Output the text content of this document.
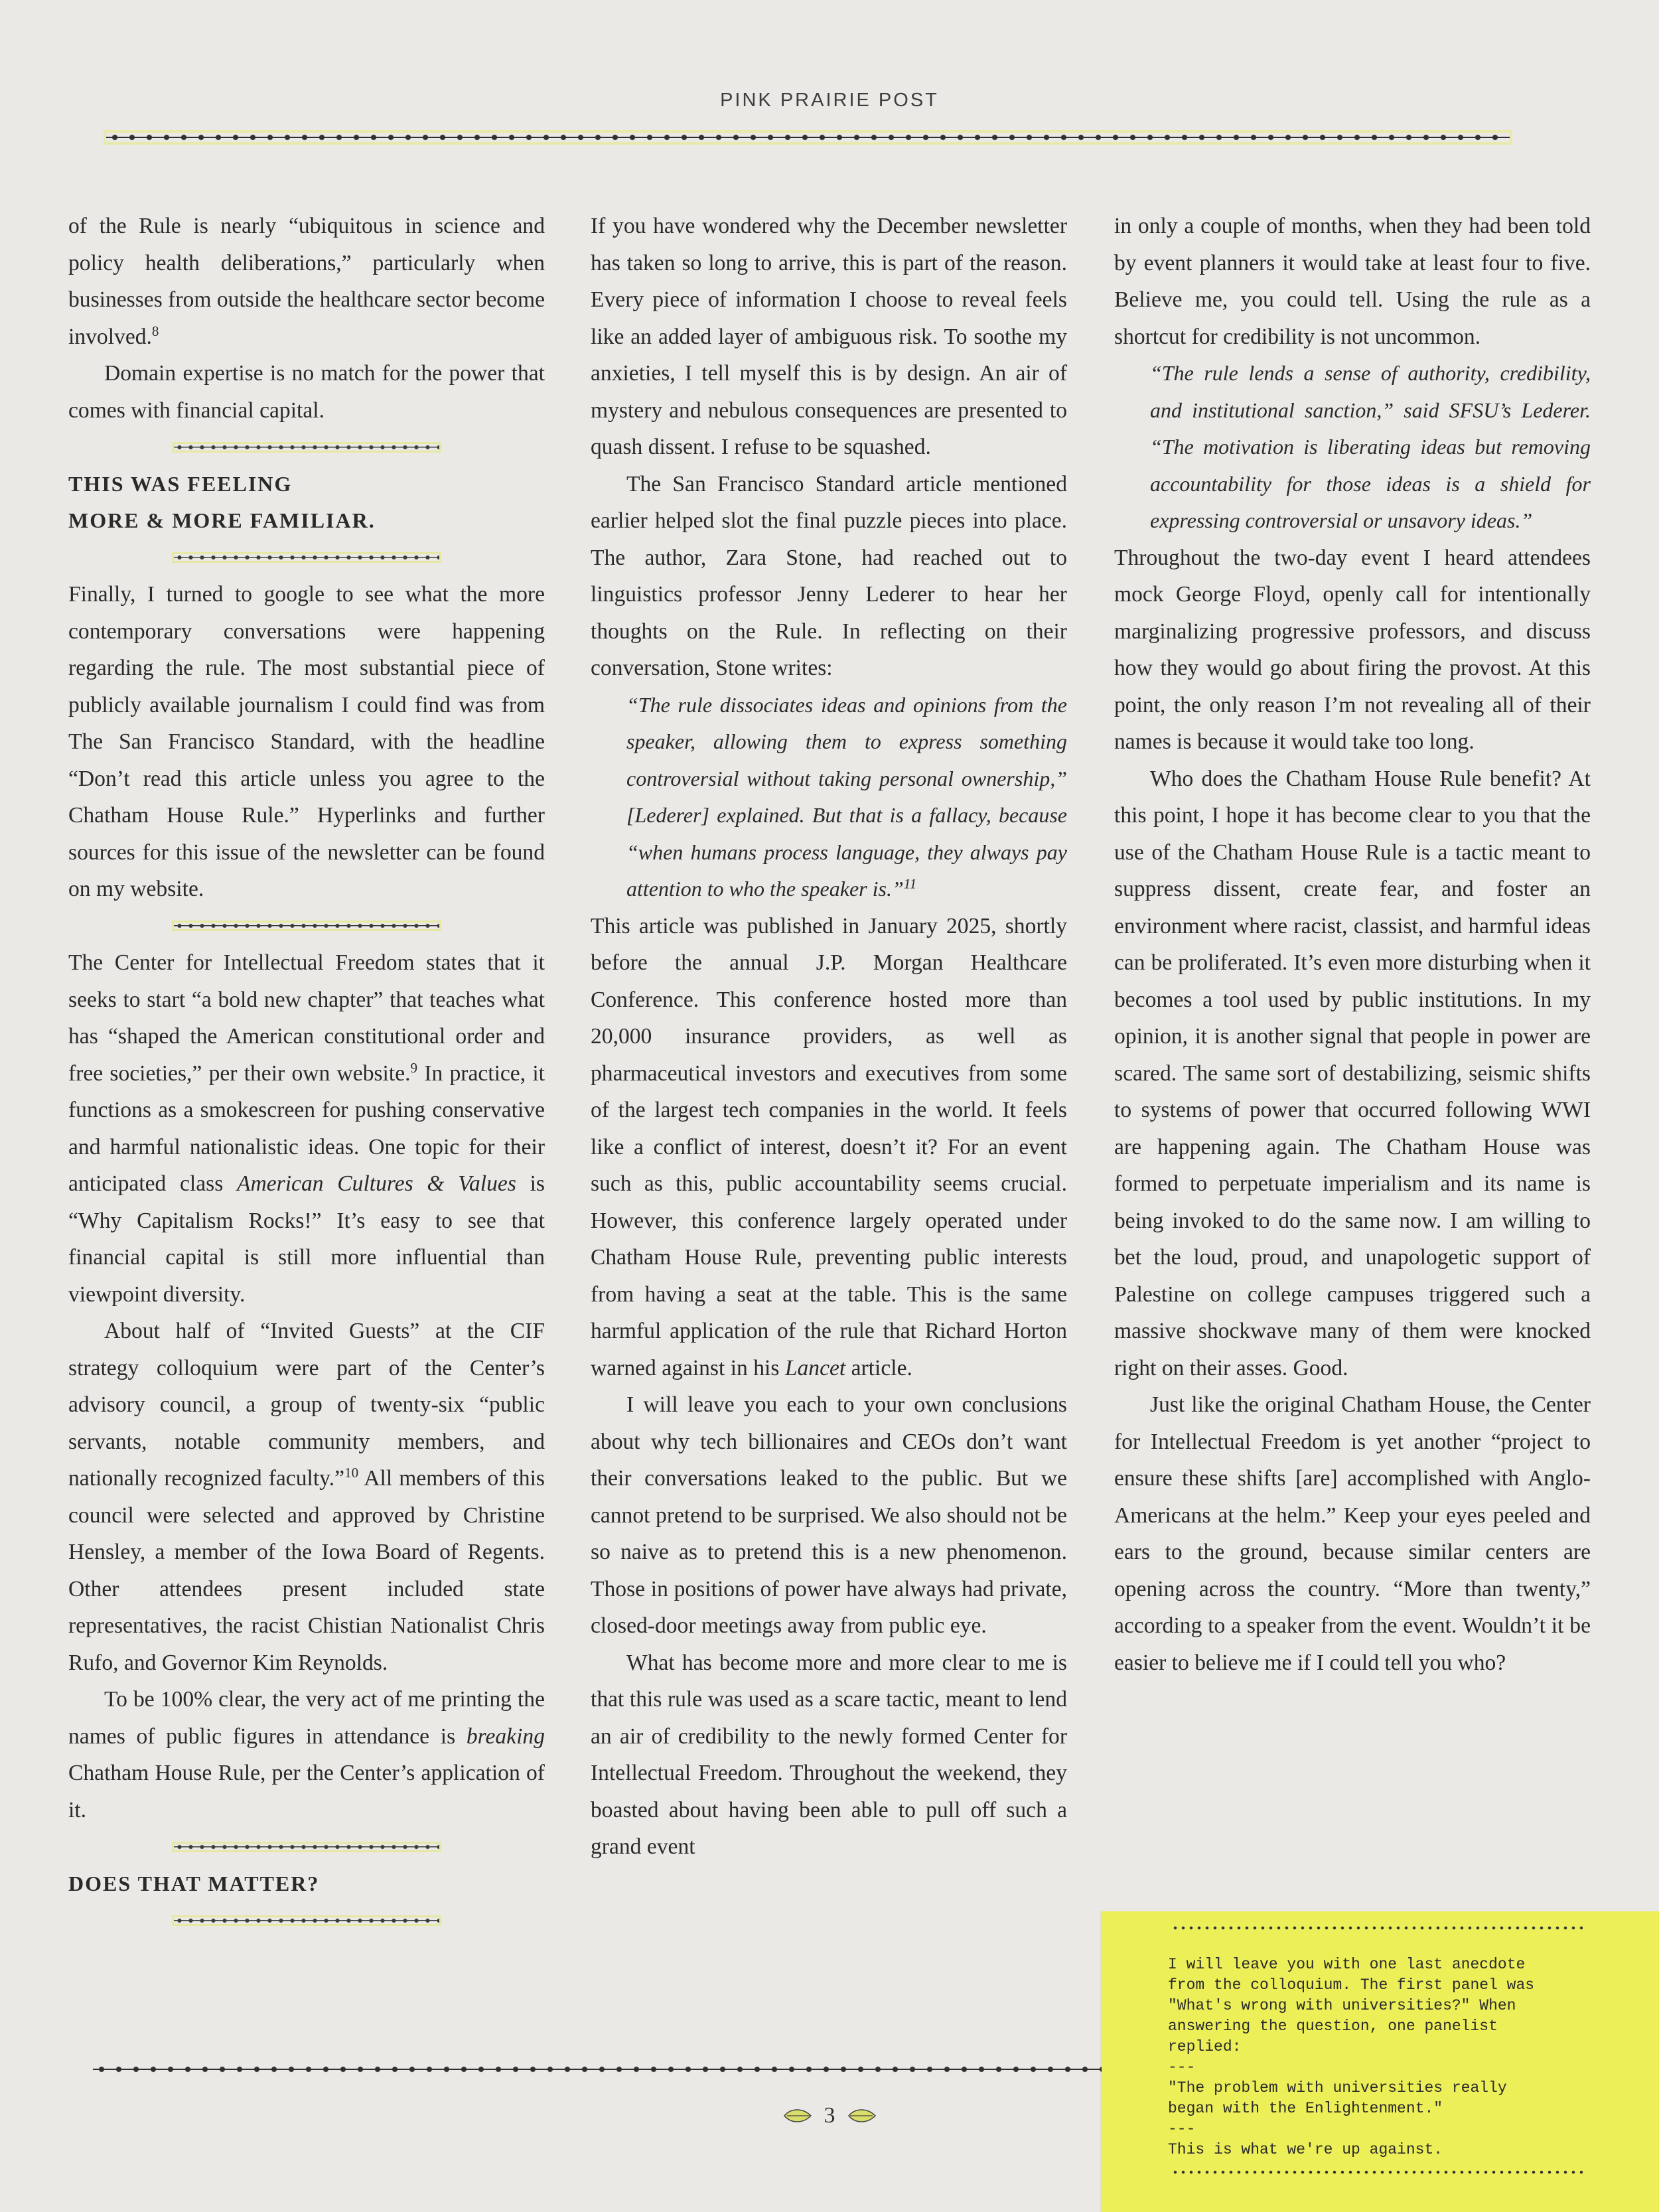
PINK PRAIRIE POST

of the Rule is nearly “ubiquitous in science and policy health deliberations,” particularly when businesses from outside the healthcare sector become involved.$^8$

Domain expertise is no match for the power that comes with financial capital.

THIS WAS FEELING

MORE & MORE FAMILIAR.

Finally, I turned to google to see what the more contemporary conversations were happening regarding the rule. The most substantial piece of publicly available journalism I could find was from The San Francisco Standard, with the headline “Don’t read this article unless you agree to the Chatham House Rule.” Hyperlinks and further sources for this issue of the newsletter can be found on my website.

The Center for Intellectual Freedom states that it seeks to start “a bold new chapter” that teaches what has “shaped the American constitutional order and free societies,” per their own website.$^9$ In practice, it functions as a smokescreen for pushing conservative and harmful nationalistic ideas. One topic for their anticipated class American Cultures & Values is “Why Capitalism Rocks!” It’s easy to see that financial capital is still more influential than viewpoint diversity.

About half of “Invited Guests” at the CIF strategy colloquium were part of the Center’s advisory council, a group of twenty-six “public servants, notable community members, and nationally recognized faculty.”$^{10}$ All members of this council were selected and approved by Christine Hensley, a member of the Iowa Board of Regents. Other attendees present included state representatives, the racist Chistian Nationalist Chris Rufo, and Governor Kim Reynolds.

To be 100% clear, the very act of me printing the names of public figures in attendance is breaking Chatham House Rule, per the Center’s application of it.

DOES THAT MATTER?

If you have wondered why the December newsletter has taken so long to arrive, this is part of the reason. Every piece of information I choose to reveal feels like an added layer of ambiguous risk. To soothe my anxieties, I tell myself this is by design. An air of mystery and nebulous consequences are presented to quash dissent. I refuse to be squashed.

The San Francisco Standard article mentioned earlier helped slot the final puzzle pieces into place. The author, Zara Stone, had reached out to linguistics professor Jenny Lederer to hear her thoughts on the Rule. In reflecting on their conversation, Stone writes:

“The rule dissociates ideas and opinions from the speaker, allowing them to express something controversial without taking personal ownership,” [Lederer] explained. But that is a fallacy, because “when humans process language, they always pay attention to who the speaker is.”$^{11}$

This article was published in January 2025, shortly before the annual J.P. Morgan Healthcare Conference. This conference hosted more than 20,000 insurance providers, as well as pharmaceutical investors and executives from some of the largest tech companies in the world. It feels like a conflict of interest, doesn’t it? For an event such as this, public accountability seems crucial. However, this conference largely operated under Chatham House Rule, preventing public interests from having a seat at the table. This is the same harmful application of the rule that Richard Horton warned against in his Lancet article.

I will leave you each to your own conclusions about why tech billionaires and CEOs don’t want their conversations leaked to the public. But we cannot pretend to be surprised. We also should not be so naive as to pretend this is a new phenomenon. Those in positions of power have always had private, closed-door meetings away from public eye.

What has become more and more clear to me is that this rule was used as a scare tactic, meant to lend an air of credibility to the newly formed Center for Intellectual Freedom. Throughout the weekend, they boasted about having been able to pull off such a grand event

in only a couple of months, when they had been told by event planners it would take at least four to five. Believe me, you could tell. Using the rule as a shortcut for credibility is not uncommon.

“The rule lends a sense of authority, credibility, and institutional sanction,” said SFSU’s Lederer. “The motivation is liberating ideas but removing accountability for those ideas is a shield for expressing controversial or unsavory ideas.”

Throughout the two-day event I heard attendees mock George Floyd, openly call for intentionally marginalizing progressive professors, and discuss how they would go about firing the provost. At this point, the only reason I’m not revealing all of their names is because it would take too long.

Who does the Chatham House Rule benefit? At this point, I hope it has become clear to you that the use of the Chatham House Rule is a tactic meant to suppress dissent, create fear, and foster an environment where racist, classist, and harmful ideas can be proliferated. It’s even more disturbing when it becomes a tool used by public institutions. In my opinion, it is another signal that people in power are scared. The same sort of destabilizing, seismic shifts to systems of power that occurred following WWI are happening again. The Chatham House was formed to perpetuate imperialism and its name is being invoked to do the same now. I am willing to bet the loud, proud, and unapologetic support of Palestine on college campuses triggered such a massive shockwave many of them were knocked right on their asses. Good.

Just like the original Chatham House, the Center for Intellectual Freedom is yet another “project to ensure these shifts [are] accomplished with Anglo-Americans at the helm.” Keep your eyes peeled and ears to the ground, because similar centers are opening across the country. “More than twenty,” according to a speaker from the event. Wouldn’t it be easier to believe me if I could tell you who?

3
I will leave you with one last anecdote
from the colloquium. The first panel was
"What's wrong with universities?" When
answering the question, one panelist
replied:
---
"The problem with universities really
began with the Enlightenment."
---
This is what we're up against.
